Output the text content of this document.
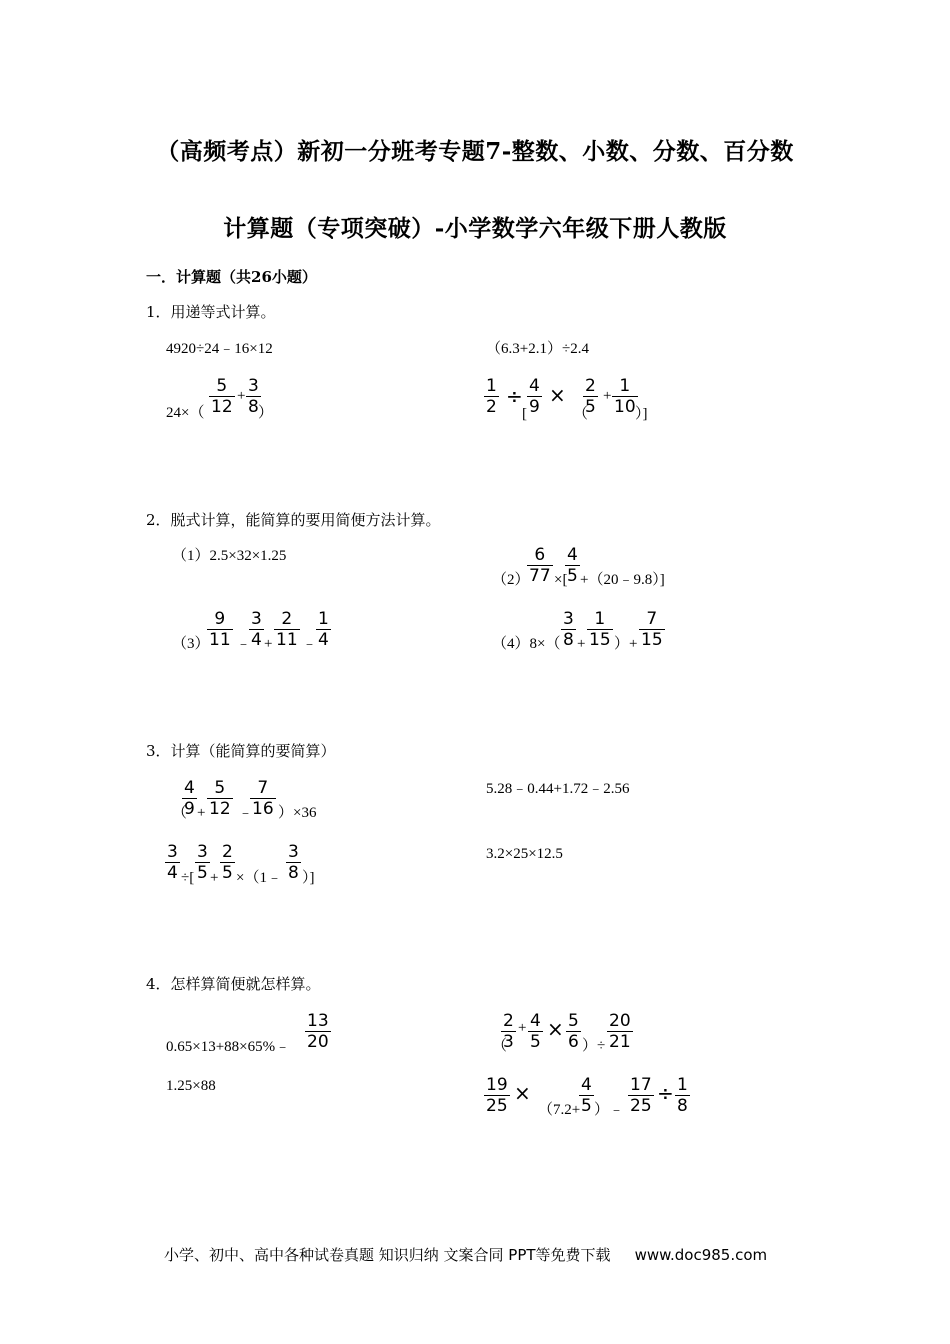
（高频考点）新初一分班考专题7-整数、小数、分数、百分数
计算题（专项突破）-小学数学六年级下册人教版
一．计算题（共26小题）
1．用递等式计算。
4920÷24﹣16×12	（6.3+2.1）÷2.4
$24\times( \frac{5}{12} + \frac{3}{8}$
）	$\frac{1}{2}$ ÷
[ $\frac{4}{9}$ ×
（
$\frac{2}{5} + \frac{1}{10}$
）]
2．脱式计算，能简算的要用简便方法计算。
（1）2.5×32×1.25
（2）
$\frac{6}{77}$ ×[
$\frac{4}{5}$ +（20﹣9.8）]
（3）
$\frac{9}{11}$ ﹣
$\frac{3}{4} + \frac{2}{11}$ ﹣
$\frac{1}{4}$	$(4)8\times( \frac{3}{8} + \frac{1}{15}$ ）+ $\frac{7}{15}$
3．计算（能简算的要简算）
（
$\frac{4}{9} + \frac{5}{12}$ ﹣
$\frac{7}{16} )\times 36$
5.28﹣0.44+1.72﹣2.56
$\frac{3}{4}$ ÷[ $\frac{3}{5} + \frac{2}{5}$ ×（1﹣ $\frac{3}{8}$ ）]
3.2×25×12.5
4．怎样算简便就怎样算。
0.65×13+88×65%﹣ $\frac{13}{20}$
1.25×88
（
$\frac{2}{3} + \frac{4}{5} \times \frac{5}{6}$ ）÷ $\frac{20}{21}$
$\frac{19}{25}$ ×
（7.2+
$\frac{4}{5}$ ）﹣ $\frac{17}{25} \div \frac{1}{8}$
小学、初中、高中各种试卷真题 知识归纳 文案合同 PPT等免费下载 www.doc985.com
